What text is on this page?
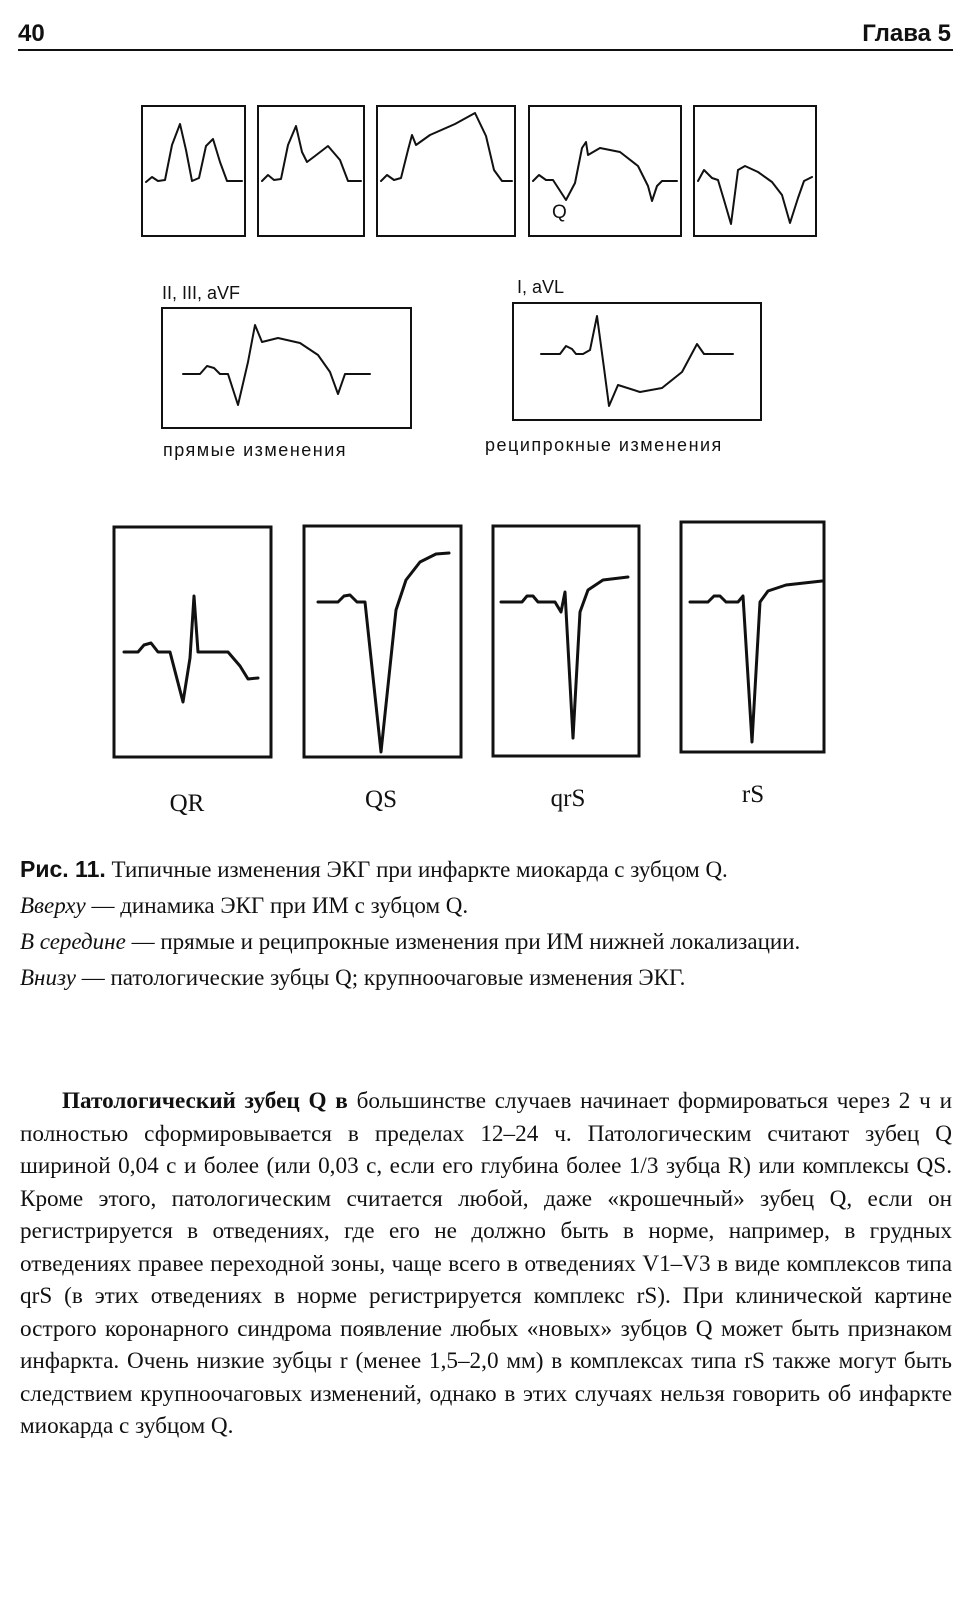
40	Глава 5
Q
II, III, aVF	I, aVL
прямые изменения	реципрокные изменения
QR	QS	qrS	rS

Рис. 11. Типичные изменения ЭКГ при инфаркте миокарда с зубцом Q.

Вверху — динамика ЭКГ при ИМ с зубцом Q.

В середине — прямые и реципрокные изменения при ИМ нижней локализации.

Внизу — патологические зубцы Q; крупноочаговые изменения ЭКГ.

Патологический зубец Q в большинстве случаев начинает формироваться через 2 ч и полностью сформировывается в пределах 12–24 ч. Патологическим считают зубец Q шириной 0,04 с и более (или 0,03 с, если его глубина более 1/3 зубца R) или комплексы QS. Кроме этого, патологическим считается любой, даже «крошечный» зубец Q, если он регистрируется в отведениях, где его не должно быть в норме, например, в грудных отведениях правее переходной зоны, чаще всего в отведениях V1–V3 в виде комплексов типа qrS (в этих отведениях в норме регистрируется комплекс rS). При клинической картине острого коронарного синдрома появление любых «новых» зубцов Q может быть признаком инфаркта. Очень низкие зубцы r (менее 1,5–2,0 мм) в комплексах типа rS также могут быть следствием крупноочаговых изменений, однако в этих случаях нельзя говорить об инфаркте миокарда с зубцом Q.
